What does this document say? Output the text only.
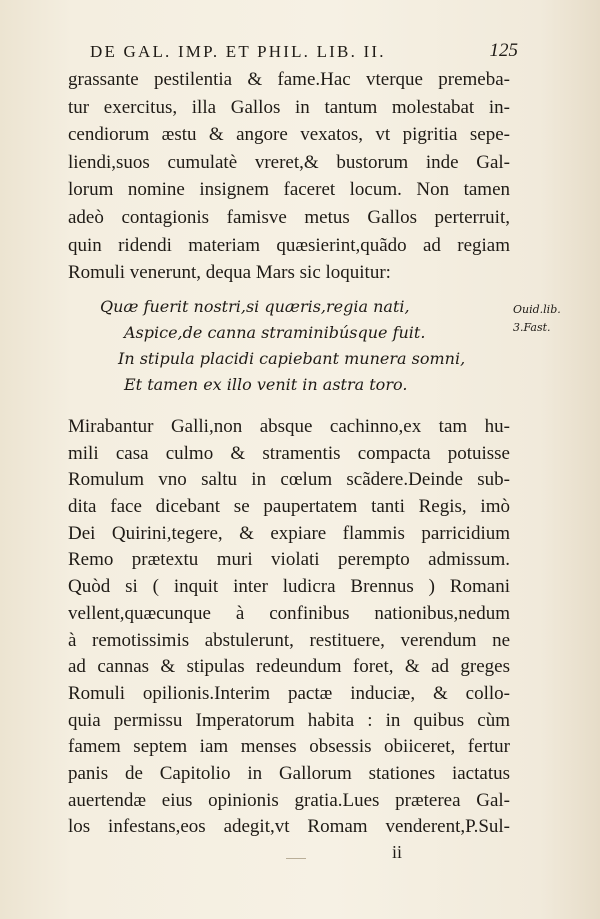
DE GAL. IMP. ET PHIL. LIB. II.	125
grassante pestilentia & fame.Hac vterque premeba-
tur exercitus, illa Gallos in tantum molestabat in-
cendiorum æstu & angore vexatos, vt pigritia sepe-
liendi,suos cumulatè vreret,& bustorum inde Gal-
lorum nomine insignem faceret locum. Non tamen
adeò contagionis famisve metus Gallos perterruit,
quin ridendi materiam quæsierint,quãdo ad regiam
Romuli venerunt, dequa Mars sic loquitur:
Quæ fuerit nostri,si quæris,regia nati,
Aspice,de canna straminibúsque fuit.
In stipula placidi capiebant munera somni,
Et tamen ex illo venit in astra toro.
Ouid.lib.
3.Fast.
Mirabantur Galli,non absque cachinno,ex tam hu-
mili casa culmo & stramentis compacta potuisse
Romulum vno saltu in cœlum scãdere.Deinde sub-
dita face dicebant se paupertatem tanti Regis, imò
Dei Quirini,tegere, & expiare flammis parricidium
Remo prætextu muri violati perempto admissum.
Quòd si ( inquit inter ludicra Brennus ) Romani
vellent,quæcunque à confinibus nationibus,nedum
à remotissimis abstulerunt, restituere, verendum ne
ad cannas & stipulas redeundum foret, & ad greges
Romuli opilionis.Interim pactæ induciæ, & collo-
quia permissu Imperatorum habita : in quibus cùm
famem septem iam menses obsessis obiiceret, fertur
panis de Capitolio in Gallorum stationes iactatus
auertendæ eius opinionis gratia.Lues præterea Gal-
los infestans,eos adegit,vt Romam venderent,P.Sul-
ii
